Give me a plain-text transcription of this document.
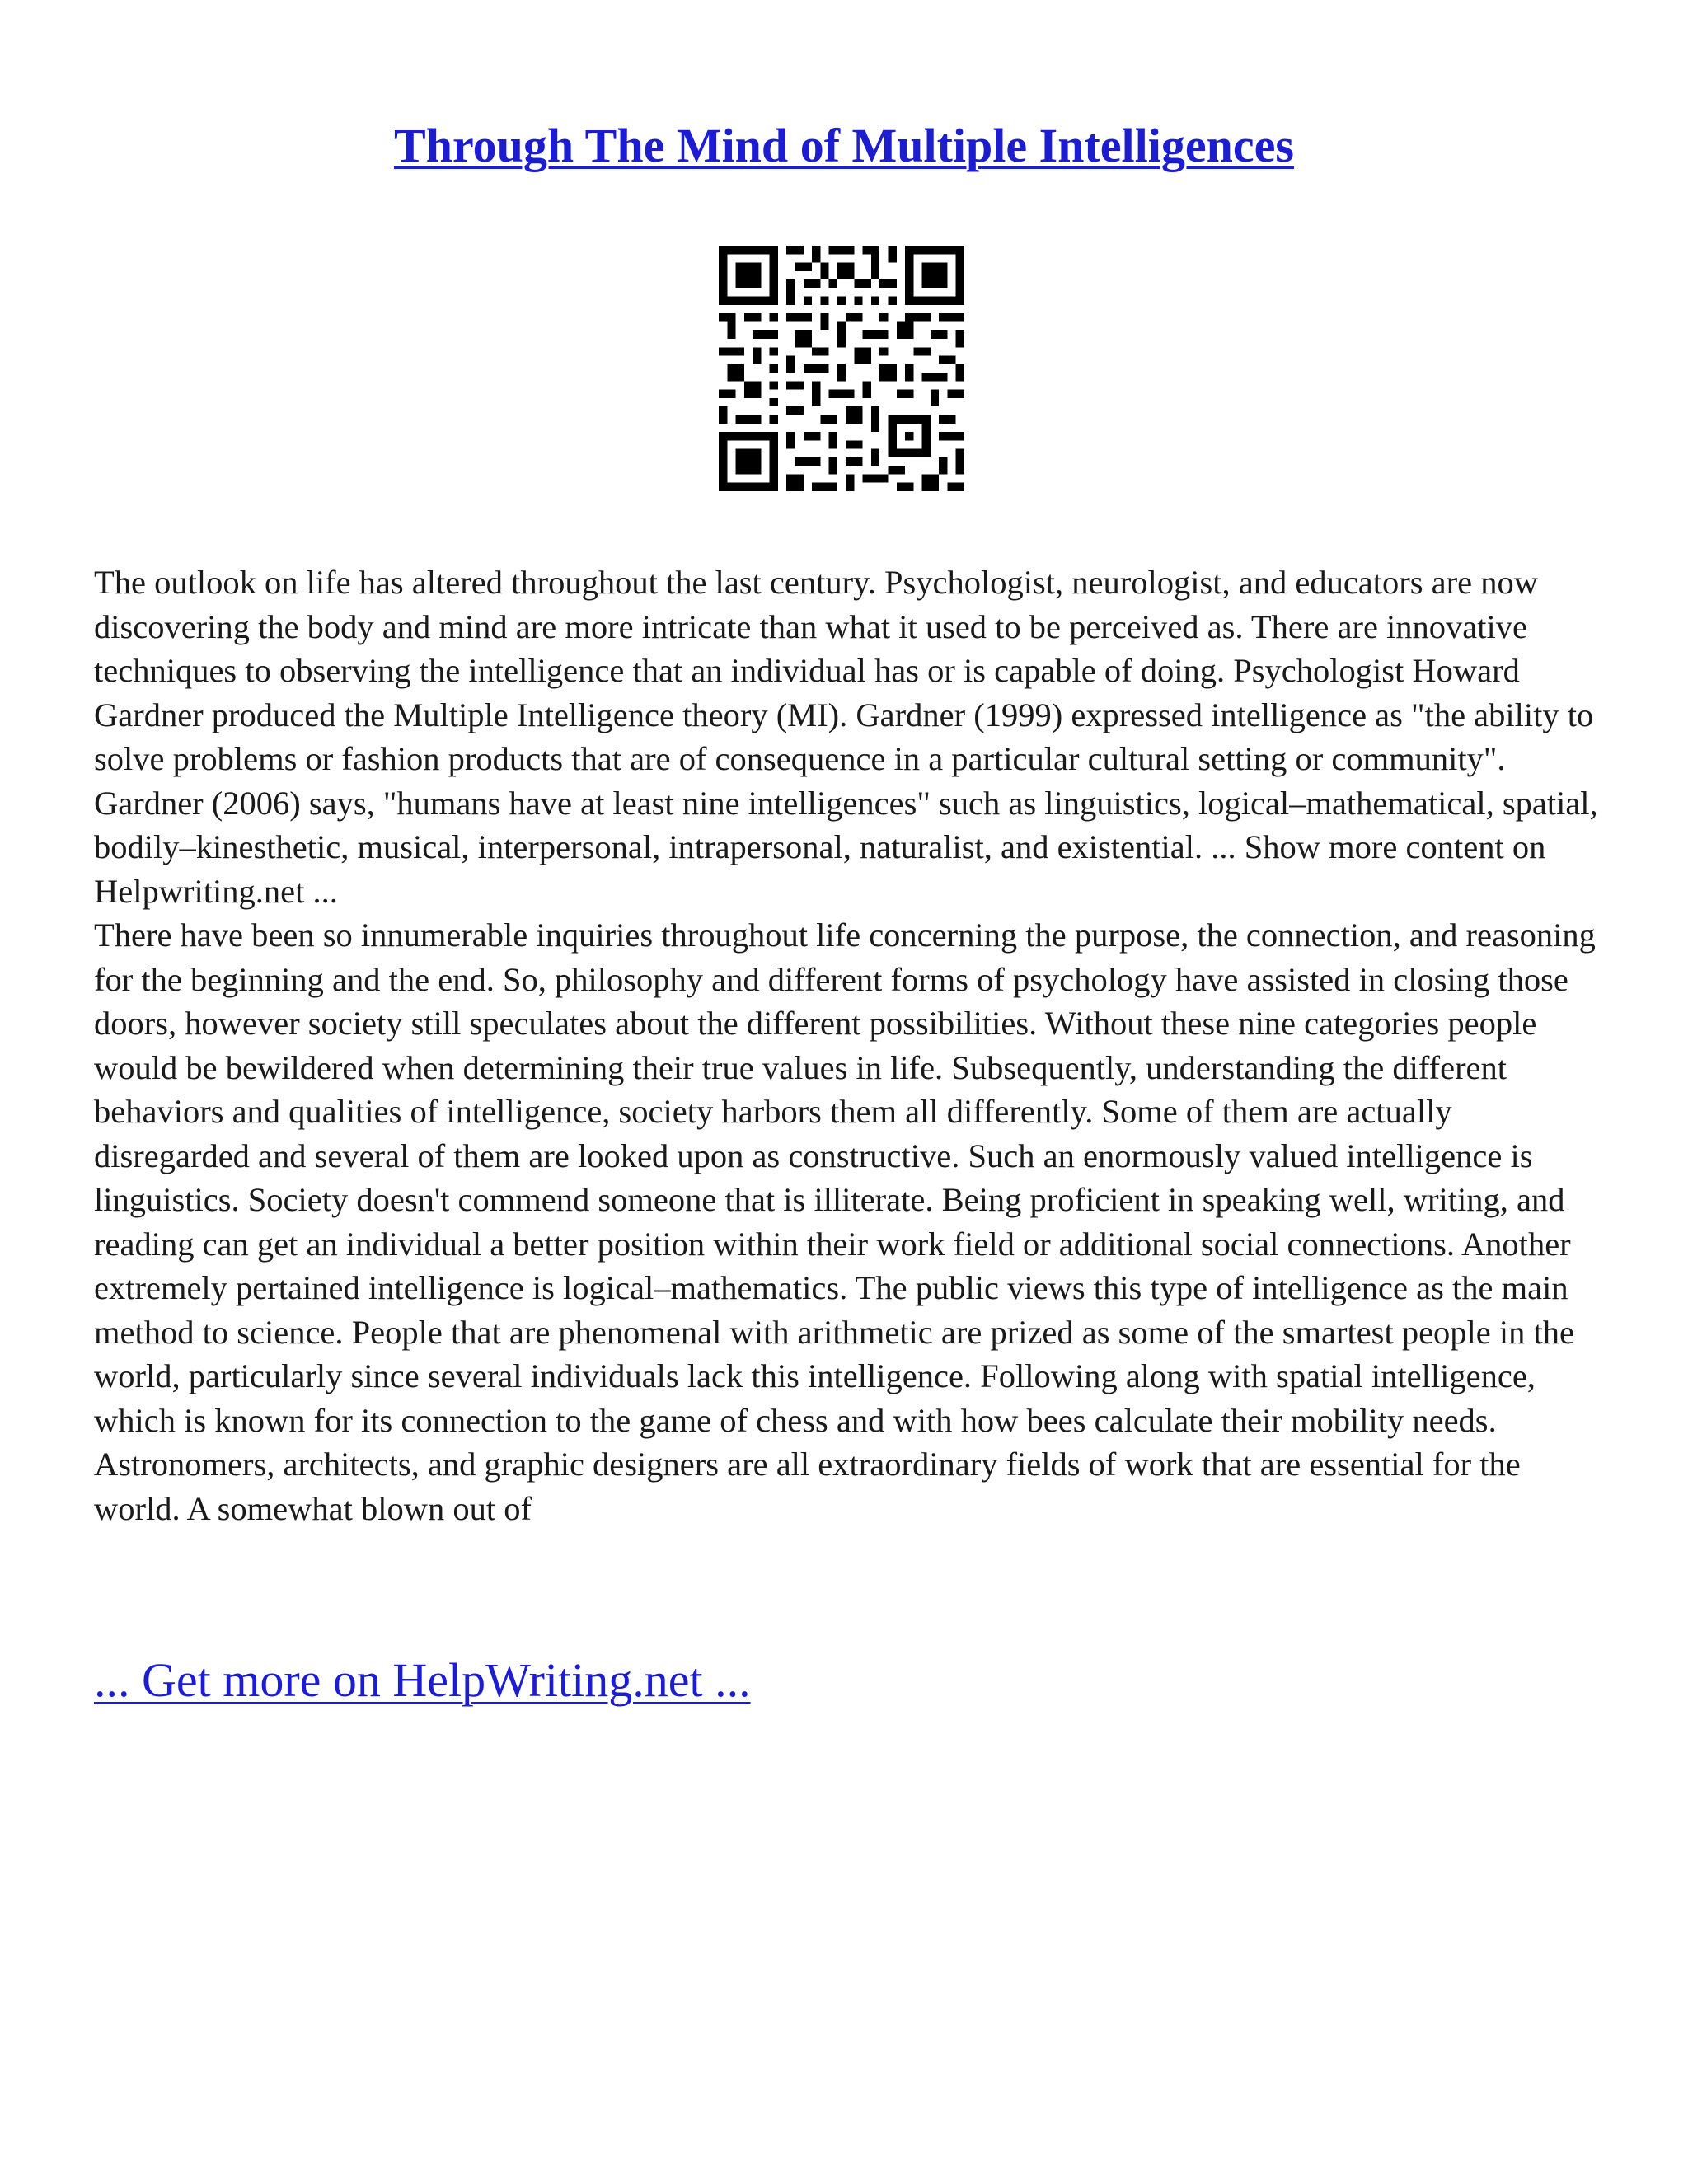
Through The Mind of Multiple Intelligences

The outlook on life has altered throughout the last century. Psychologist, neurologist, and educators are now discovering the body and mind are more intricate than what it used to be perceived as. There are innovative techniques to observing the intelligence that an individual has or is capable of doing. Psychologist Howard Gardner produced the Multiple Intelligence theory (MI). Gardner (1999) expressed intelligence as "the ability to solve problems or fashion products that are of consequence in a particular cultural setting or community". Gardner (2006) says, "humans have at least nine intelligences" such as linguistics, logical–mathematical, spatial, bodily–kinesthetic, musical, interpersonal, intrapersonal, naturalist, and existential. ... Show more content on Helpwriting.net ...

There have been so innumerable inquiries throughout life concerning the purpose, the connection, and reasoning for the beginning and the end. So, philosophy and different forms of psychology have assisted in closing those doors, however society still speculates about the different possibilities. Without these nine categories people would be bewildered when determining their true values in life. Subsequently, understanding the different behaviors and qualities of intelligence, society harbors them all differently. Some of them are actually disregarded and several of them are looked upon as constructive. Such an enormously valued intelligence is linguistics. Society doesn't commend someone that is illiterate. Being proficient in speaking well, writing, and reading can get an individual a better position within their work field or additional social connections. Another extremely pertained intelligence is logical–mathematics. The public views this type of intelligence as the main method to science. People that are phenomenal with arithmetic are prized as some of the smartest people in the world, particularly since several individuals lack this intelligence. Following along with spatial intelligence, which is known for its connection to the game of chess and with how bees calculate their mobility needs. Astronomers, architects, and graphic designers are all extraordinary fields of work that are essential for the world. A somewhat blown out of

... Get more on HelpWriting.net ...
